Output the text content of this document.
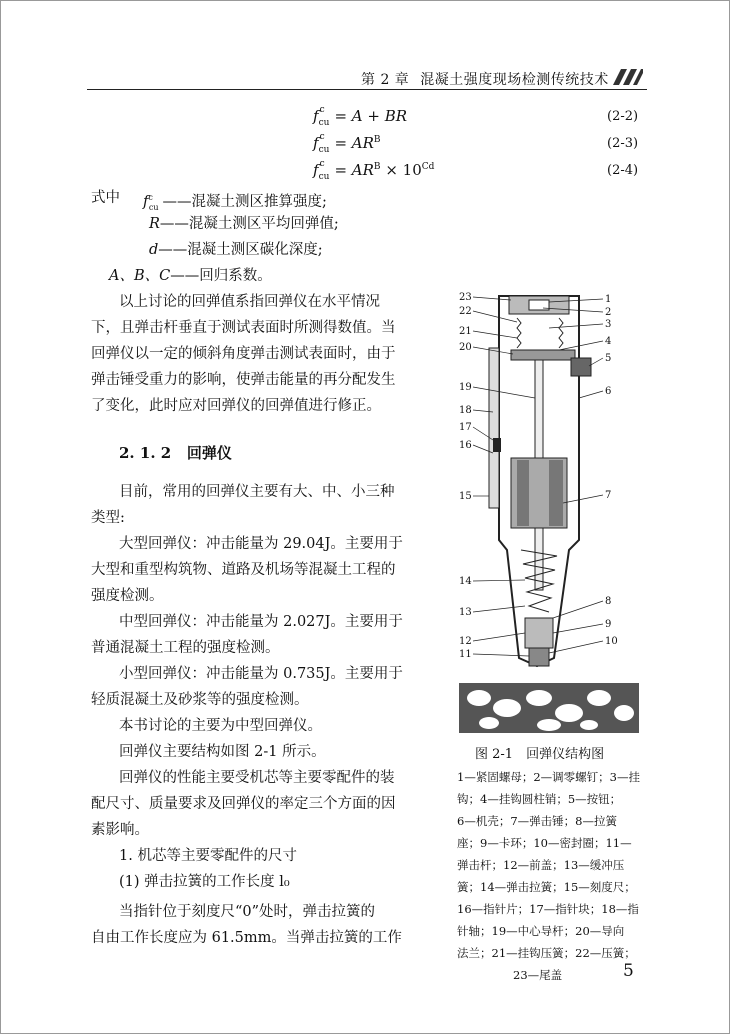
第 2 章 混凝土强度现场检测传统技术
$f^c_{cu} = A$ + BR	(2-2)
$f^c_{cu} = AR^B$	(2-3)
$f^c_{cu} = AR^B \times 10^{Cd}$	(2-4)
式中 $f^c_{cu}$ ——混凝土测区推算强度;
R——混凝土测区平均回弹值;
d——混凝土测区碳化深度;
A、B、C——回归系数。
以上讨论的回弹值系指回弹仪在水平情况
下，且弹击杆垂直于测试表面时所测得数值。当
回弹仪以一定的倾斜角度弹击测试表面时，由于
弹击锤受重力的影响，使弹击能量的再分配发生
了变化，此时应对回弹仪的回弹值进行修正。
2. 1. 2 回弹仪
目前，常用的回弹仪主要有大、中、小三种
类型:
大型回弹仪：冲击能量为 29.04J。主要用于
大型和重型构筑物、道路及机场等混凝土工程的
强度检测。
中型回弹仪：冲击能量为 2.027J。主要用于
普通混凝土工程的强度检测。
小型回弹仪：冲击能量为 0.735J。主要用于
轻质混凝土及砂浆等的强度检测。
本书讨论的主要为中型回弹仪。
回弹仪主要结构如图 2-1 所示。
回弹仪的性能主要受机芯等主要零配件的装
配尺寸、质量要求及回弹仪的率定三个方面的因
素影响。
1. 机芯等主要零配件的尺寸
(1) 弹击拉簧的工作长度 l₀
当指针位于刻度尺“0”处时，弹击拉簧的
自由工作长度应为 61.5mm。当弹击拉簧的工作
23
22
21
20
19
18
17
16
15
14
13
12
11
1
2
3
4
5
6
7
8
9
10
图 2-1　回弹仪结构图
1—紧固螺母；2—调零螺钉；3—挂
钩；4—挂钩圆柱销；5—按钮；
6—机壳；7—弹击锤；8—拉簧
座；9—卡环；10—密封圈；11—
弹击杆；12—前盖；13—缓冲压
簧；14—弹击拉簧；15—刻度尺；
16—指针片；17—指针块；18—指
针轴；19—中心导杆；20—导向
法兰；21—挂钩压簧；22—压簧；
23—尾盖	5
